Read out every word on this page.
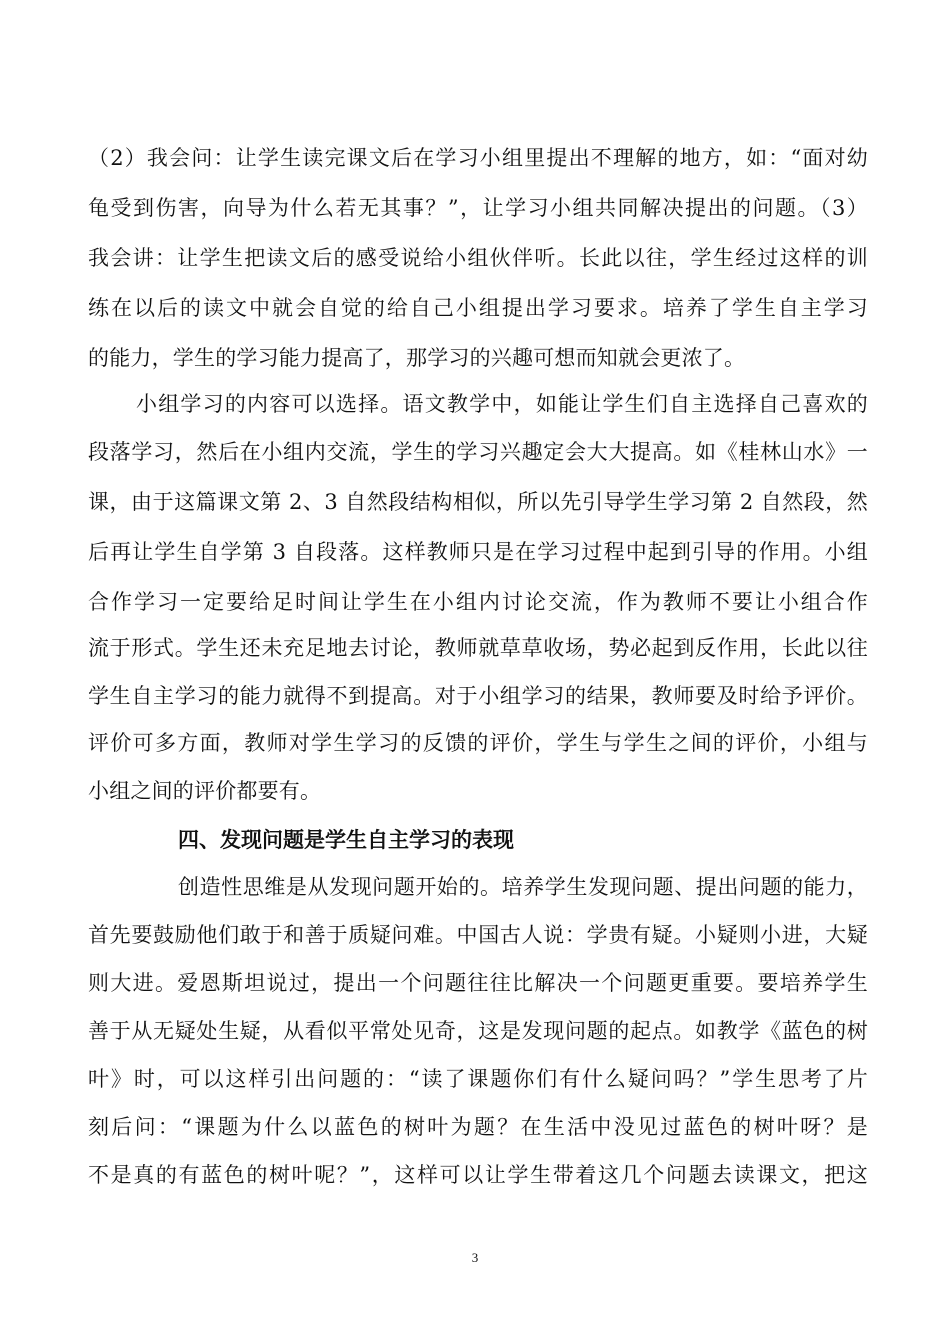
（2）我会问：让学生读完课文后在学习小组里提出不理解的地方，如：“面对幼
龟受到伤害，向导为什么若无其事？”，让学习小组共同解决提出的问题。（3）
我会讲：让学生把读文后的感受说给小组伙伴听。长此以往，学生经过这样的训
练在以后的读文中就会自觉的给自己小组提出学习要求。培养了学生自主学习
的能力，学生的学习能力提高了，那学习的兴趣可想而知就会更浓了。
小组学习的内容可以选择。语文教学中，如能让学生们自主选择自己喜欢的
段落学习，然后在小组内交流，学生的学习兴趣定会大大提高。如《桂林山水》一
课，由于这篇课文第 2、3 自然段结构相似，所以先引导学生学习第 2 自然段，然
后再让学生自学第 3 自段落。这样教师只是在学习过程中起到引导的作用。小组
合作学习一定要给足时间让学生在小组内讨论交流，作为教师不要让小组合作
流于形式。学生还未充足地去讨论，教师就草草收场，势必起到反作用，长此以往
学生自主学习的能力就得不到提高。对于小组学习的结果，教师要及时给予评价。
评价可多方面，教师对学生学习的反馈的评价，学生与学生之间的评价，小组与
小组之间的评价都要有。
四、发现问题是学生自主学习的表现
创造性思维是从发现问题开始的。培养学生发现问题、提出问题的能力，
首先要鼓励他们敢于和善于质疑问难。中国古人说：学贵有疑。小疑则小进，大疑
则大进。爱恩斯坦说过，提出一个问题往往比解决一个问题更重要。要培养学生
善于从无疑处生疑，从看似平常处见奇，这是发现问题的起点。如教学《蓝色的树
叶》时，可以这样引出问题的：“读了课题你们有什么疑问吗？”学生思考了片
刻后问：“课题为什么以蓝色的树叶为题？在生活中没见过蓝色的树叶呀？是
不是真的有蓝色的树叶呢？”，这样可以让学生带着这几个问题去读课文，把这
3
